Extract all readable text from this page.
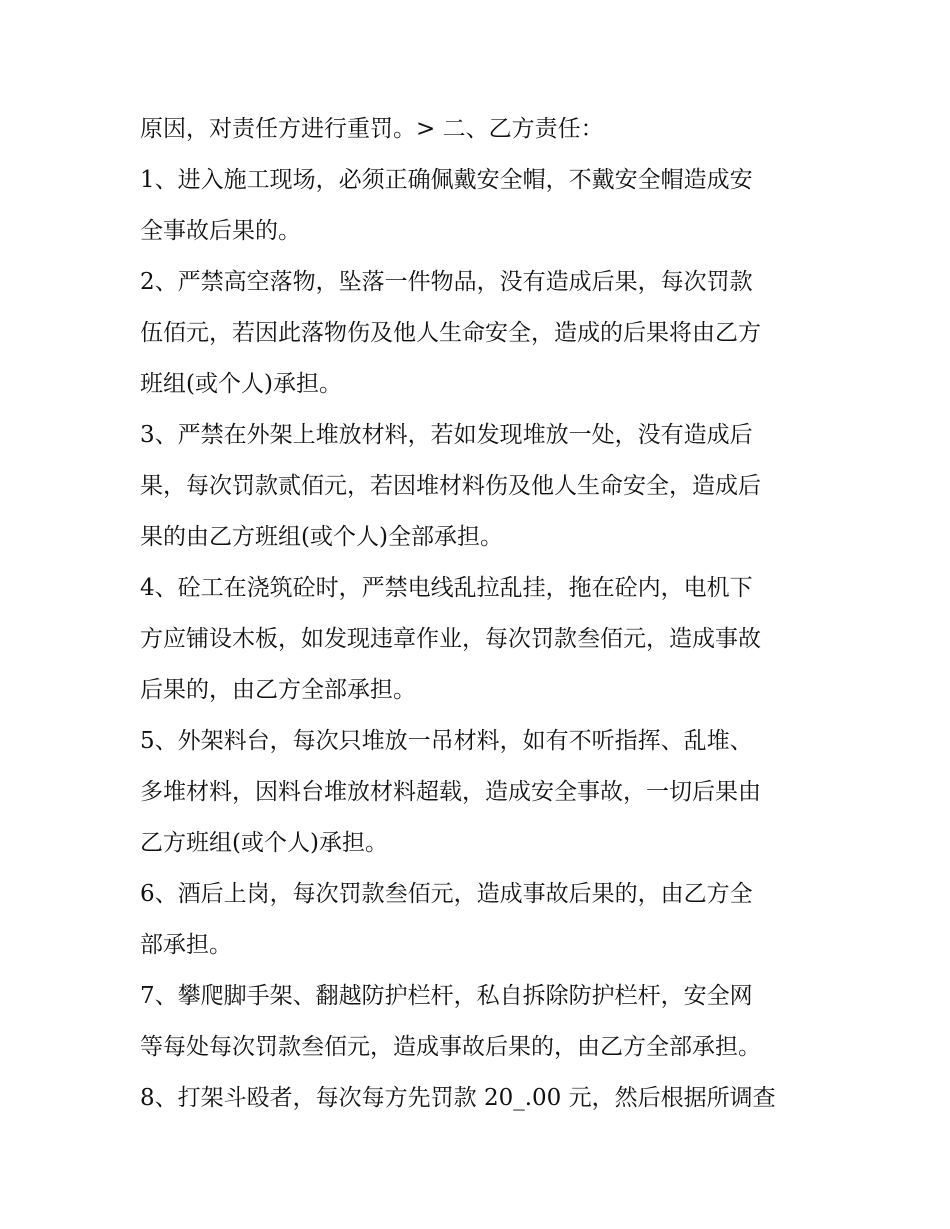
原因，对责任方进行重罚。> 二、乙方责任：
1、进入施工现场，必须正确佩戴安全帽，不戴安全帽造成安
全事故后果的。
2、严禁高空落物，坠落一件物品，没有造成后果，每次罚款
伍佰元，若因此落物伤及他人生命安全，造成的后果将由乙方
班组(或个人)承担。
3、严禁在外架上堆放材料，若如发现堆放一处，没有造成后
果，每次罚款贰佰元，若因堆材料伤及他人生命安全，造成后
果的由乙方班组(或个人)全部承担。
4、砼工在浇筑砼时，严禁电线乱拉乱挂，拖在砼内，电机下
方应铺设木板，如发现违章作业，每次罚款叁佰元，造成事故
后果的，由乙方全部承担。
5、外架料台，每次只堆放一吊材料，如有不听指挥、乱堆、
多堆材料，因料台堆放材料超载，造成安全事故，一切后果由
乙方班组(或个人)承担。
6、酒后上岗，每次罚款叁佰元，造成事故后果的，由乙方全
部承担。
7、攀爬脚手架、翻越防护栏杆，私自拆除防护栏杆，安全网
等每处每次罚款叁佰元，造成事故后果的，由乙方全部承担。
8、打架斗殴者，每次每方先罚款 20_.00 元，然后根据所调查
